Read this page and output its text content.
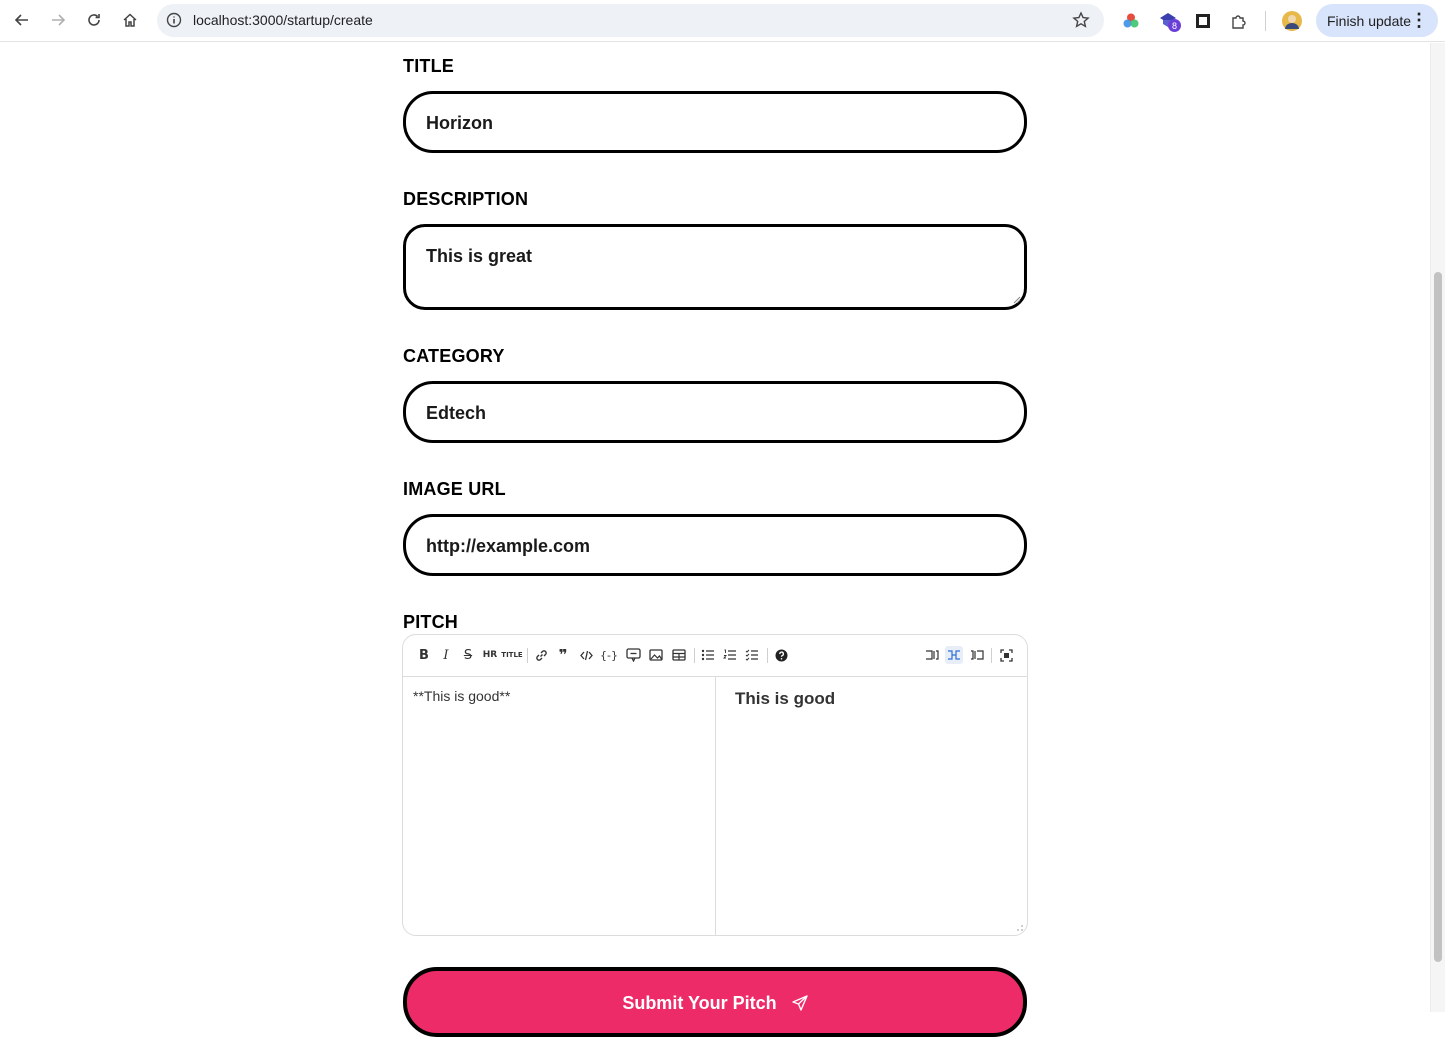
localhost:3000/startup/create	8	Finish update
⋮
TITLE
Horizon
DESCRIPTION
This is great
CATEGORY
Edtech
IMAGE URL
http://example.com
PITCH
B	I	S	HR TITLE	❞	{-}
**This is good**	This is good
Submit Your Pitch
